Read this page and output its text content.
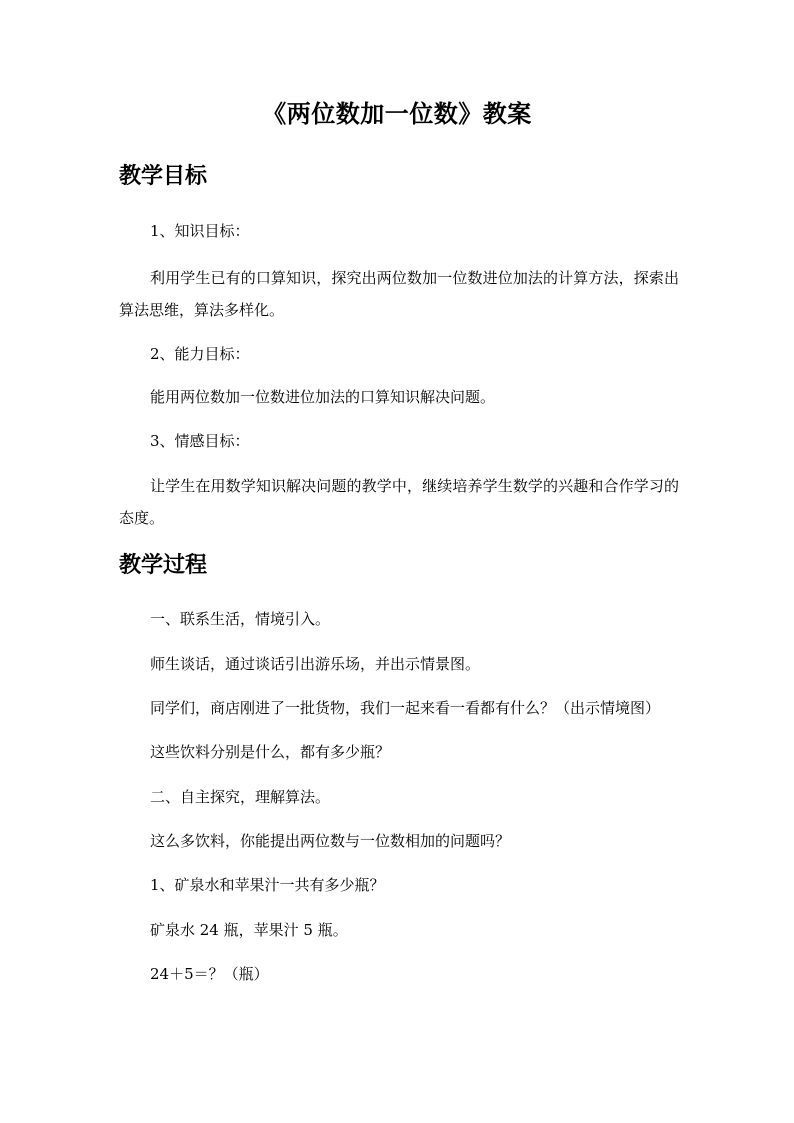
《两位数加一位数》教案
教学目标
1、知识目标：
利用学生已有的口算知识，探究出两位数加一位数进位加法的计算方法，探索出算法思维，算法多样化。
2、能力目标：
能用两位数加一位数进位加法的口算知识解决问题。
3、情感目标：
让学生在用数学知识解决问题的教学中，继续培养学生数学的兴趣和合作学习的态度。
教学过程
一、联系生活，情境引入。
师生谈话，通过谈话引出游乐场，并出示情景图。
同学们，商店刚进了一批货物，我们一起来看一看都有什么？（出示情境图）
这些饮料分别是什么，都有多少瓶？
二、自主探究，理解算法。
这么多饮料，你能提出两位数与一位数相加的问题吗？
1、矿泉水和苹果汁一共有多少瓶？
矿泉水 24 瓶，苹果汁 5 瓶。
24＋5＝？（瓶）
